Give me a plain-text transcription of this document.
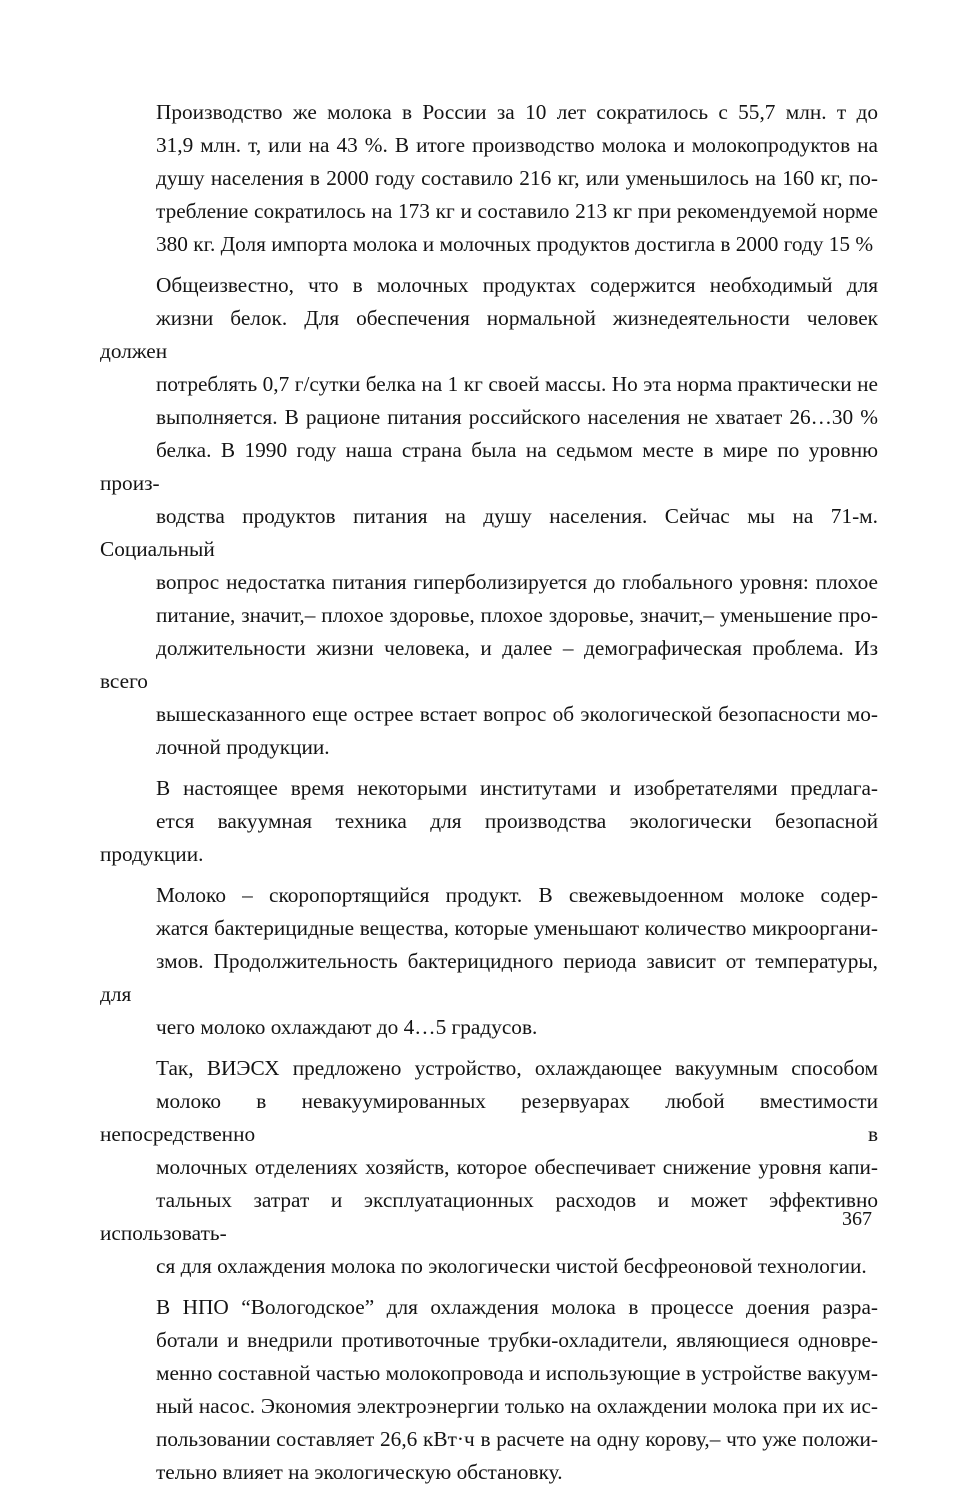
Производство же молока в России за 10 лет сократилось с 55,7 млн. т до
31,9 млн. т, или на 43 %. В итоге производство молока и молокопродуктов на
душу населения в 2000 году составило 216 кг, или уменьшилось на 160 кг, по-
требление сократилось на 173 кг и составило 213 кг при рекомендуемой норме
380 кг. Доля импорта молока и молочных продуктов достигла в 2000 году 15 %
Общеизвестно, что в молочных продуктах содержится необходимый для
жизни белок. Для обеспечения нормальной жизнедеятельности человек должен
потреблять 0,7 г/сутки белка на 1 кг своей массы. Но эта норма практически не
выполняется. В рационе питания российского населения не хватает 26…30 %
белка. В 1990 году наша страна была на седьмом месте в мире по уровню произ-
водства продуктов питания на душу населения. Сейчас мы на 71-м. Социальный
вопрос недостатка питания гиперболизируется до глобального уровня: плохое
питание, значит,– плохое здоровье, плохое здоровье, значит,– уменьшение про-
должительности жизни человека, и далее – демографическая проблема. Из всего
вышесказанного еще острее встает вопрос об экологической безопасности мо-
лочной продукции.
В настоящее время некоторыми институтами и изобретателями предлага-
ется вакуумная техника для производства экологически безопасной продукции.
Молоко – скоропортящийся продукт. В свежевыдоенном молоке содер-
жатся бактерицидные вещества, которые уменьшают количество микрооргани-
змов. Продолжительность бактерицидного периода зависит от температуры, для
чего молоко охлаждают до 4…5 градусов.
Так, ВИЭСХ предложено устройство, охлаждающее вакуумным способом
молоко в невакуумированных резервуарах любой вместимости непосредственно в
молочных отделениях хозяйств, которое обеспечивает снижение уровня капи-
тальных затрат и эксплуатационных расходов и может эффективно использовать-
ся для охлаждения молока по экологически чистой бесфреоновой технологии.
В НПО “Вологодское” для охлаждения молока в процессе доения разра-
ботали и внедрили противоточные трубки-охладители, являющиеся одновре-
менно составной частью молокопровода и использующие в устройстве вакуум-
ный насос. Экономия электроэнергии только на охлаждении молока при их ис-
пользовании составляет 26,6 кВт·ч в расчете на одну корову,– что уже положи-
тельно влияет на экологическую обстановку.
367
